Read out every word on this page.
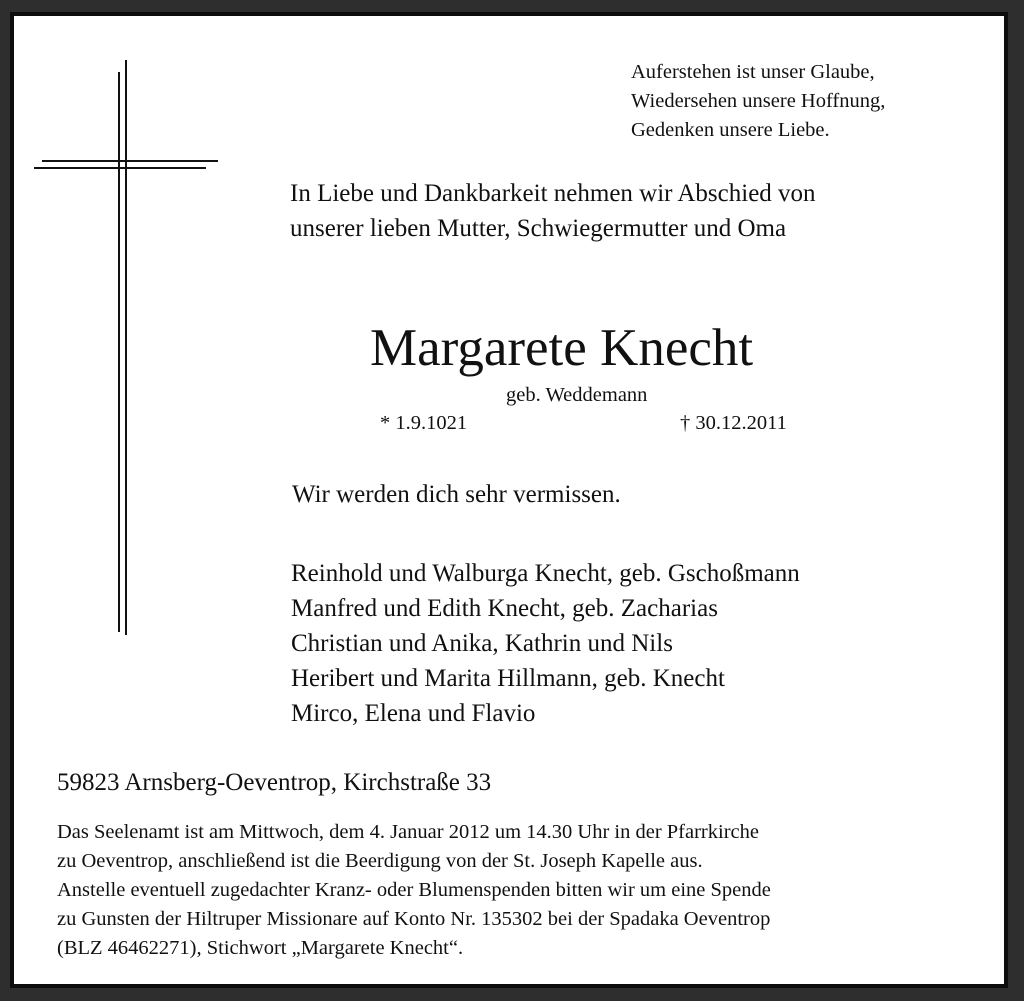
Auferstehen ist unser Glaube,
Wiedersehen unsere Hoffnung,
Gedenken unsere Liebe.
In Liebe und Dankbarkeit nehmen wir Abschied von
unserer lieben Mutter, Schwiegermutter und Oma
Margarete Knecht
geb. Weddemann
* 1.9.1021	† 30.12.2011
Wir werden dich sehr vermissen.
Reinhold und Walburga Knecht, geb. Gschoßmann
Manfred und Edith Knecht, geb. Zacharias
Christian und Anika, Kathrin und Nils
Heribert und Marita Hillmann, geb. Knecht
Mirco, Elena und Flavio
59823 Arnsberg-Oeventrop, Kirchstraße 33
Das Seelenamt ist am Mittwoch, dem 4. Januar 2012 um 14.30 Uhr in der Pfarrkirche
zu Oeventrop, anschließend ist die Beerdigung von der St. Joseph Kapelle aus.
Anstelle eventuell zugedachter Kranz- oder Blumenspenden bitten wir um eine Spende
zu Gunsten der Hiltruper Missionare auf Konto Nr. 135302 bei der Spadaka Oeventrop
(BLZ 46462271), Stichwort „Margarete Knecht“.
